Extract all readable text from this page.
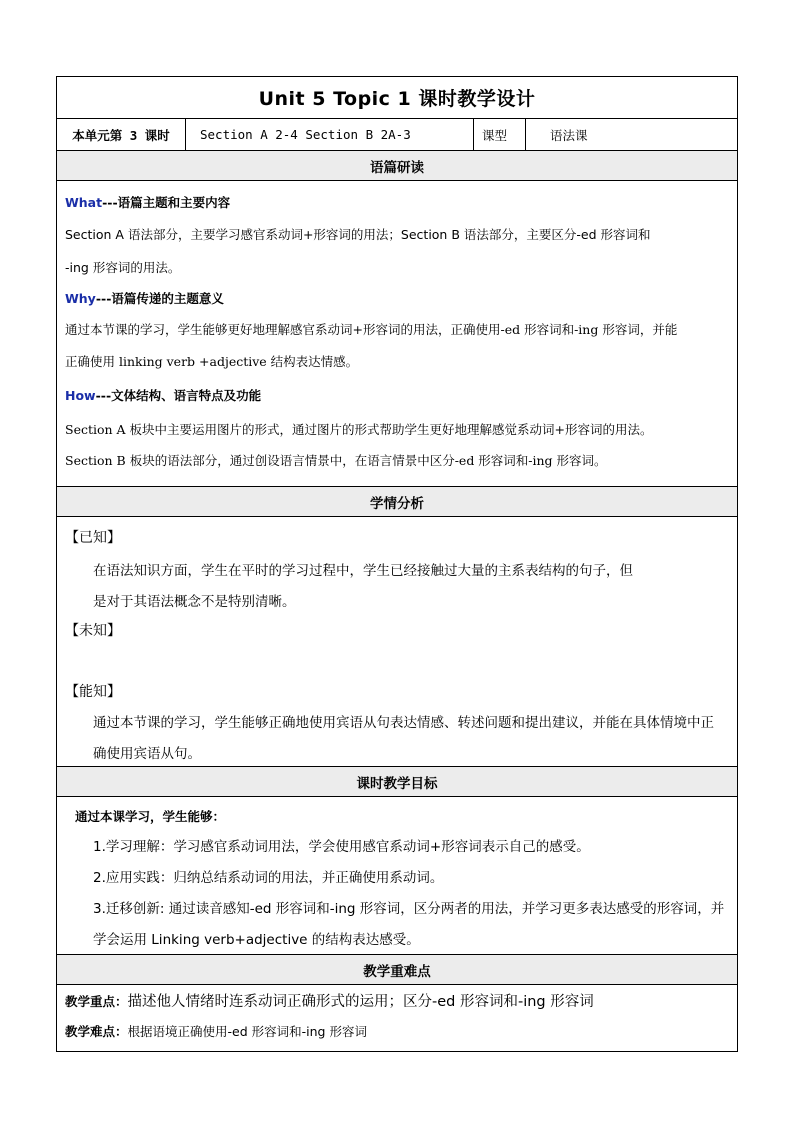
Unit 5 Topic 1 课时教学设计
本单元第 3 课时	Section A 2-4 Section B 2A-3	课型	语法课
语篇研读
What---语篇主题和主要内容
Section A 语法部分，主要学习感官系动词+形容词的用法；Section B 语法部分，主要区分-ed 形容词和
-ing 形容词的用法。
Why---语篇传递的主题意义
通过本节课的学习，学生能够更好地理解感官系动词+形容词的用法，正确使用-ed 形容词和-ing 形容词，并能
正确使用 linking verb +adjective 结构表达情感。
How---文体结构、语言特点及功能
Section A 板块中主要运用图片的形式，通过图片的形式帮助学生更好地理解感觉系动词+形容词的用法。
Section B 板块的语法部分，通过创设语言情景中，在语言情景中区分-ed 形容词和-ing 形容词。
学情分析
【已知】
在语法知识方面，学生在平时的学习过程中，学生已经接触过大量的主系表结构的句子，但
是对于其语法概念不是特别清晰。
【未知】
【能知】
通过本节课的学习，学生能够正确地使用宾语从句表达情感、转述问题和提出建议，并能在具体情境中正
确使用宾语从句。
课时教学目标
通过本课学习，学生能够：
1.学习理解：学习感官系动词用法，学会使用感官系动词+形容词表示自己的感受。
2.应用实践：归纳总结系动词的用法，并正确使用系动词。
3.迁移创新: 通过读音感知-ed 形容词和-ing 形容词，区分两者的用法，并学习更多表达感受的形容词，并
学会运用 Linking verb+adjective 的结构表达感受。
教学重难点
教学重点：描述他人情绪时连系动词正确形式的运用；区分-ed 形容词和-ing 形容词
教学难点：根据语境正确使用-ed 形容词和-ing 形容词
